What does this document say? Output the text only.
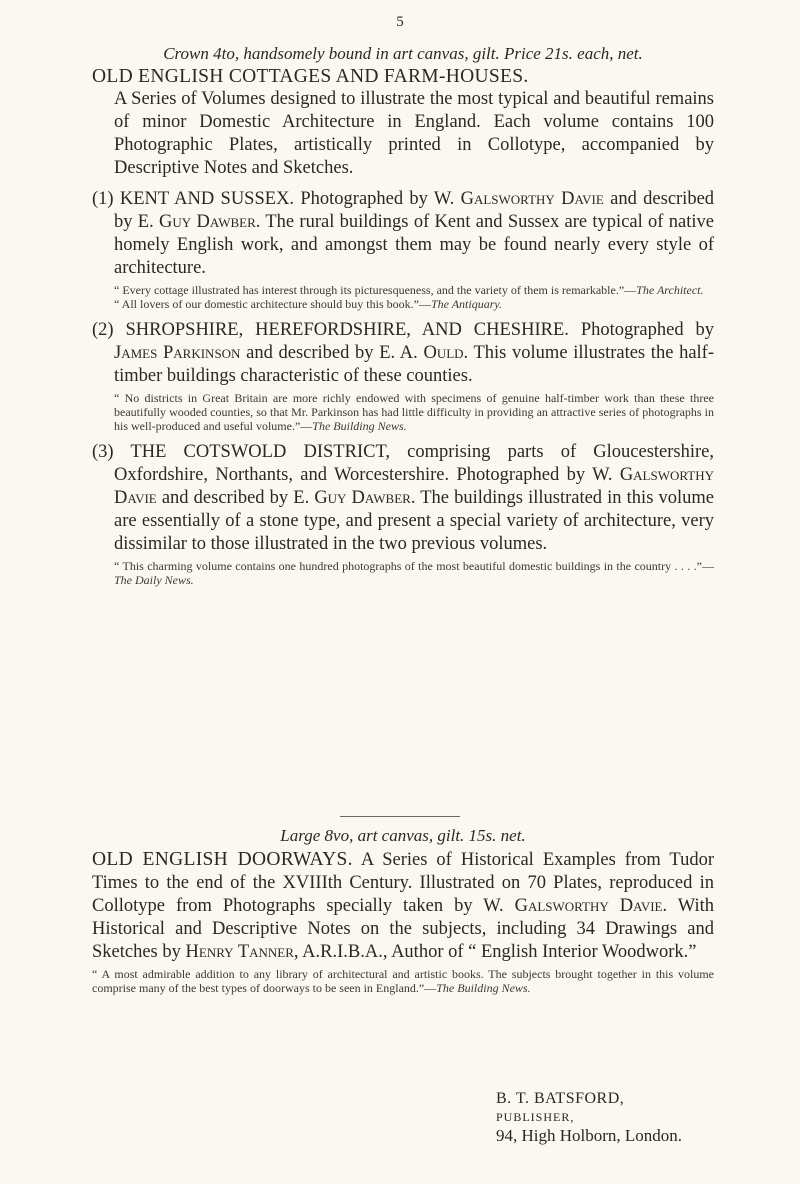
5

Crown 4to, handsomely bound in art canvas, gilt. Price 21s. each, net.

OLD ENGLISH COTTAGES AND FARM-HOUSES.

A Series of Volumes designed to illustrate the most typical and beautiful remains of minor Domestic Architecture in England. Each volume contains 100 Photographic Plates, artistically printed in Collotype, accompanied by Descriptive Notes and Sketches.

(1) KENT AND SUSSEX. Photographed by W. Galsworthy Davie and described by E. Guy Dawber. The rural buildings of Kent and Sussex are typical of native homely English work, and amongst them may be found nearly every style of architecture.

“ Every cottage illustrated has interest through its picturesqueness, and the variety of them is remarkable.”—The Architect.
“ All lovers of our domestic architecture should buy this book.”—The Antiquary.

(2) SHROPSHIRE, HEREFORDSHIRE, AND CHESHIRE. Photographed by James Parkinson and described by E. A. Ould. This volume illustrates the half-timber buildings characteristic of these counties.

“ No districts in Great Britain are more richly endowed with specimens of genuine half-timber work than these three beautifully wooded counties, so that Mr. Parkinson has had little difficulty in providing an attractive series of photographs in his well-produced and useful volume.”—The Building News.

(3) THE COTSWOLD DISTRICT, comprising parts of Gloucestershire, Oxfordshire, Northants, and Worcestershire. Photographed by W. Galsworthy Davie and described by E. Guy Dawber. The buildings illustrated in this volume are essentially of a stone type, and present a special variety of architecture, very dissimilar to those illustrated in the two previous volumes.

“ This charming volume contains one hundred photographs of the most beautiful domestic buildings in the country . . . .”—The Daily News.

Large 8vo, art canvas, gilt. 15s. net.

OLD ENGLISH DOORWAYS. A Series of Historical Examples from Tudor Times to the end of the XVIIIth Century. Illustrated on 70 Plates, reproduced in Collotype from Photographs specially taken by W. Galsworthy Davie. With Historical and Descriptive Notes on the subjects, including 34 Drawings and Sketches by Henry Tanner, A.R.I.B.A., Author of “ English Interior Woodwork.”

“ A most admirable addition to any library of architectural and artistic books. The subjects brought together in this volume comprise many of the best types of doorways to be seen in England.”—The Building News.

B. T. BATSFORD,
PUBLISHER,
94, High Holborn, London.
